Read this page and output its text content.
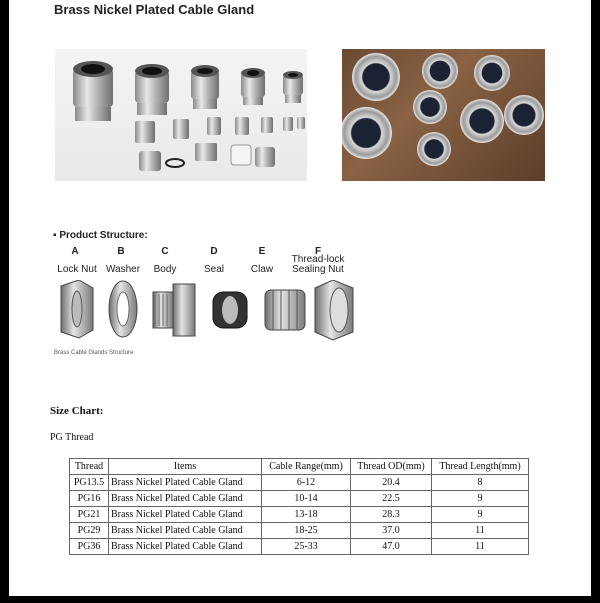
Brass Nickel Plated Cable Gland
▪ Product Structure:
A	B	C	D	E	F
Lock Nut Washer	Body	Seal	Claw
Thread-lock Sealing Nut
Brass Cable Glands Structure
Size Chart:
PG Thread
Thread	Items	Cable Range(mm)	Thread OD(mm)	Thread Length(mm)
PG13.5	Brass Nickel Plated Cable Gland	6-12	20.4	8
PG16	Brass Nickel Plated Cable Gland	10-14	22.5	9
PG21	Brass Nickel Plated Cable Gland	13-18	28.3	9
PG29	Brass Nickel Plated Cable Gland	18-25	37.0	11
PG36	Brass Nickel Plated Cable Gland	25-33	47.0	11
